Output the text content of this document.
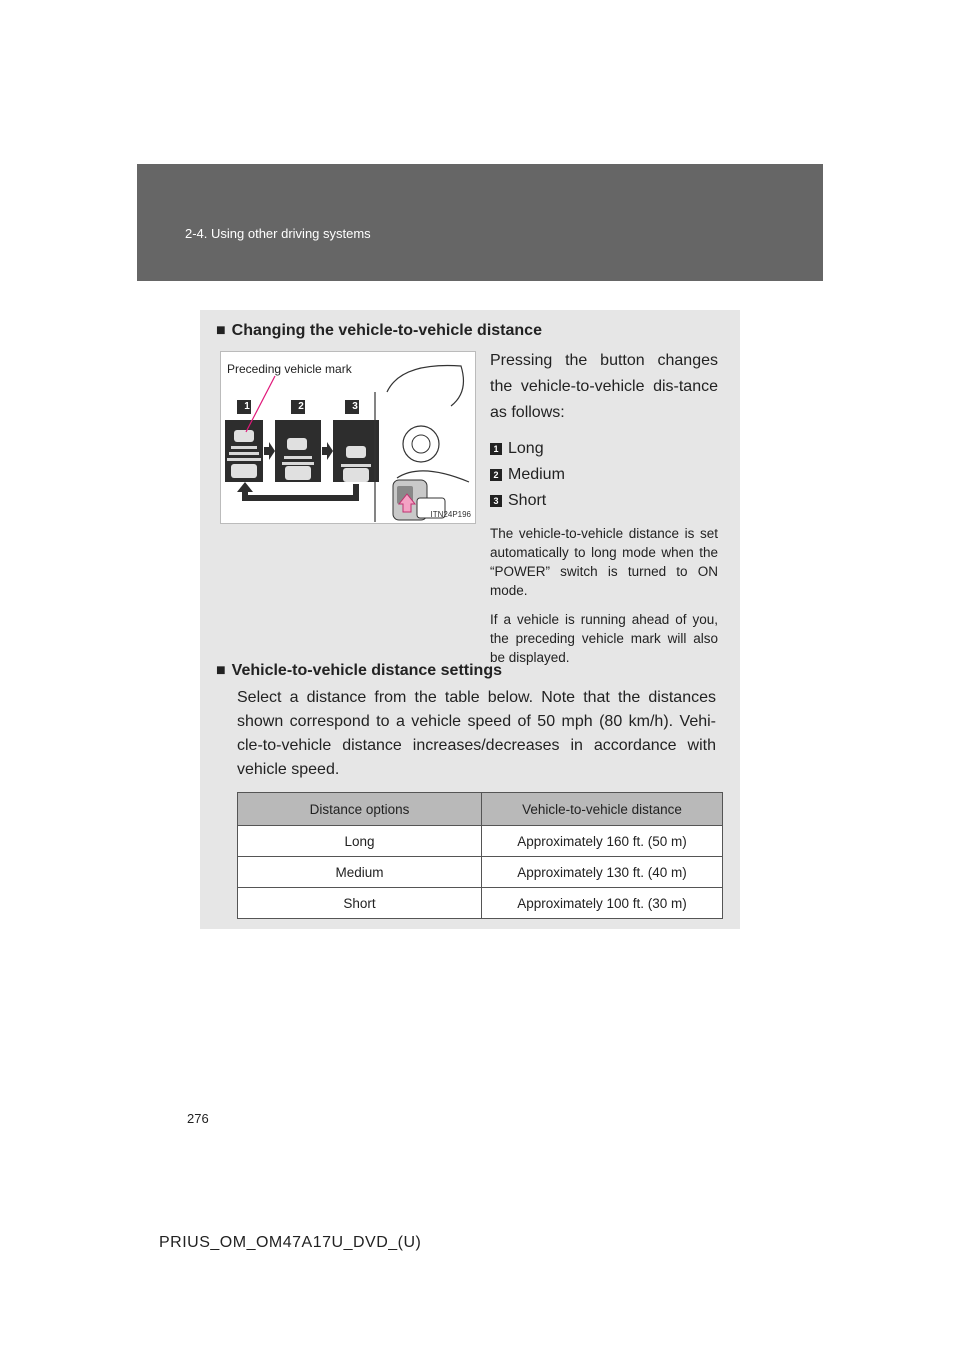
2-4. Using other driving systems
■ Changing the vehicle-to-vehicle distance
Preceding vehicle mark
1	2	3
ITN24P196

Pressing the button changes the vehicle-to-vehicle dis-tance as follows:

1 Long
2 Medium
3 Short

The vehicle-to-vehicle distance is set automatically to long mode when the “POWER” switch is turned to ON mode.

If a vehicle is running ahead of you, the preceding vehicle mark will also be displayed.

■ Vehicle-to-vehicle distance settings

Select a distance from the table below. Note that the distances shown correspond to a vehicle speed of 50 mph (80 km/h). Vehi-cle-to-vehicle distance increases/decreases in accordance with vehicle speed.

Distance options	Vehicle-to-vehicle distance
Long	Approximately 160 ft. (50 m)
Medium	Approximately 130 ft. (40 m)
Short	Approximately 100 ft. (30 m)
276
PRIUS_OM_OM47A17U_DVD_(U)
